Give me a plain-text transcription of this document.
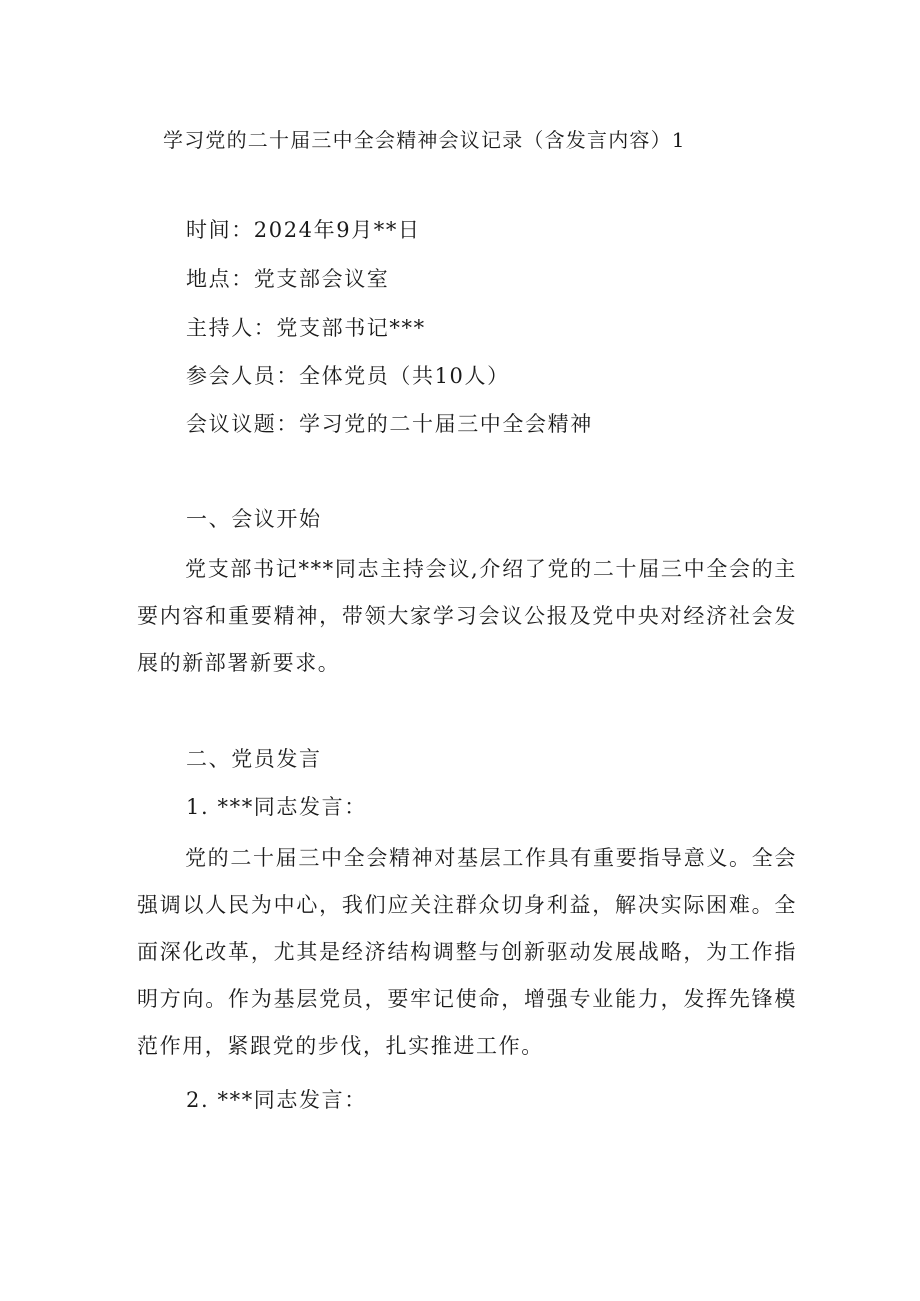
学习党的二十届三中全会精神会议记录（含发言内容）1
时间：2024年9月**日
地点：党支部会议室
主持人：党支部书记***
参会人员：全体党员（共10人）
会议议题：学习党的二十届三中全会精神
一、会议开始

党支部书记***同志主持会议,介绍了党的二十届三中全会的主要内容和重要精神，带领大家学习会议公报及党中央对经济社会发展的新部署新要求。

二、党员发言
1. ***同志发言：

党的二十届三中全会精神对基层工作具有重要指导意义。全会强调以人民为中心，我们应关注群众切身利益，解决实际困难。全面深化改革，尤其是经济结构调整与创新驱动发展战略，为工作指明方向。作为基层党员，要牢记使命，增强专业能力，发挥先锋模范作用，紧跟党的步伐，扎实推进工作。

2. ***同志发言：
